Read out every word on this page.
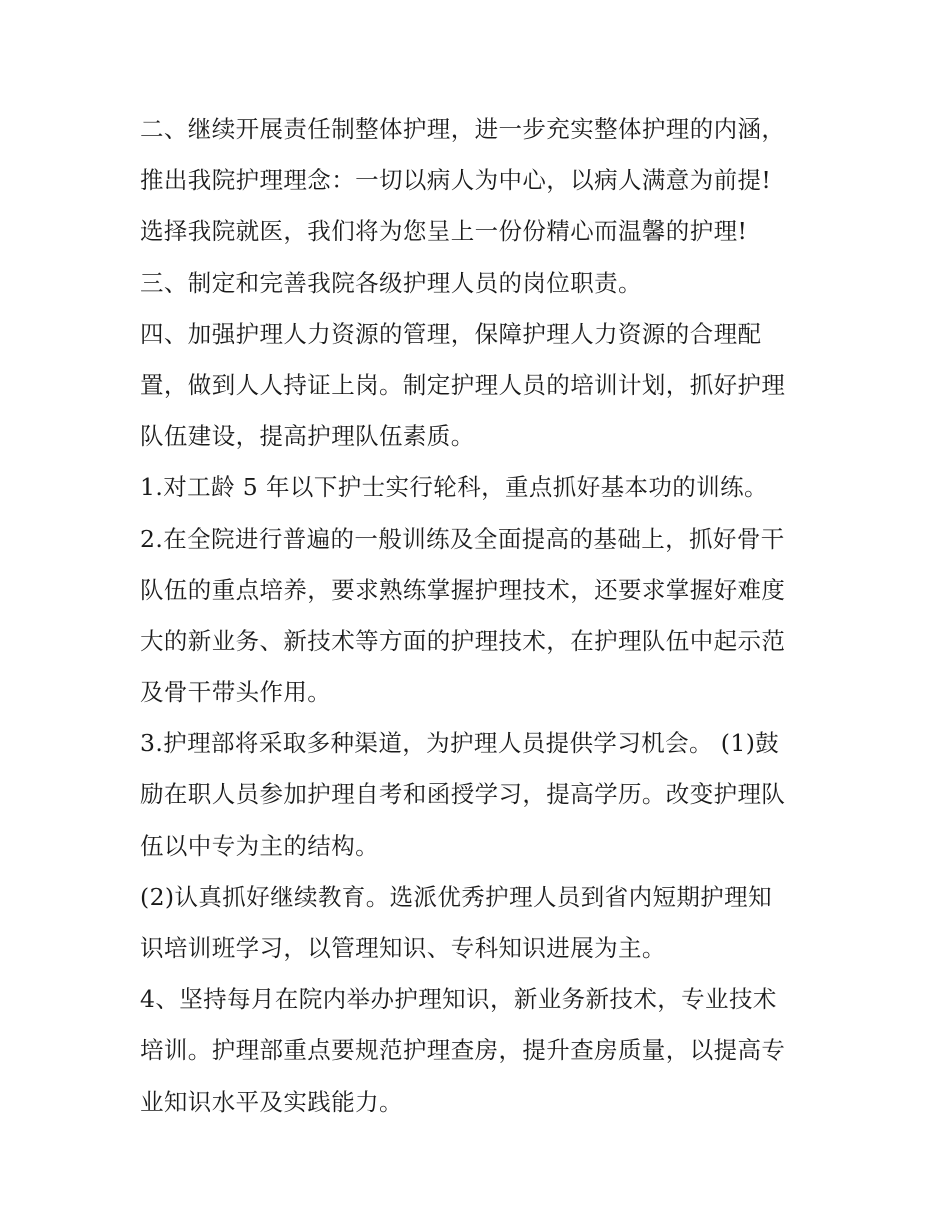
二、继续开展责任制整体护理，进一步充实整体护理的内涵，
推出我院护理理念：一切以病人为中心，以病人满意为前提!
选择我院就医，我们将为您呈上一份份精心而温馨的护理!
三、制定和完善我院各级护理人员的岗位职责。
四、加强护理人力资源的管理，保障护理人力资源的合理配
置，做到人人持证上岗。制定护理人员的培训计划，抓好护理
队伍建设，提高护理队伍素质。
1.对工龄 5 年以下护士实行轮科，重点抓好基本功的训练。
2.在全院进行普遍的一般训练及全面提高的基础上，抓好骨干
队伍的重点培养，要求熟练掌握护理技术，还要求掌握好难度
大的新业务、新技术等方面的护理技术，在护理队伍中起示范
及骨干带头作用。
3.护理部将采取多种渠道，为护理人员提供学习机会。 (1)鼓
励在职人员参加护理自考和函授学习，提高学历。改变护理队
伍以中专为主的结构。
(2)认真抓好继续教育。选派优秀护理人员到省内短期护理知
识培训班学习，以管理知识、专科知识进展为主。
4、坚持每月在院内举办护理知识，新业务新技术，专业技术
培训。护理部重点要规范护理查房，提升查房质量，以提高专
业知识水平及实践能力。
